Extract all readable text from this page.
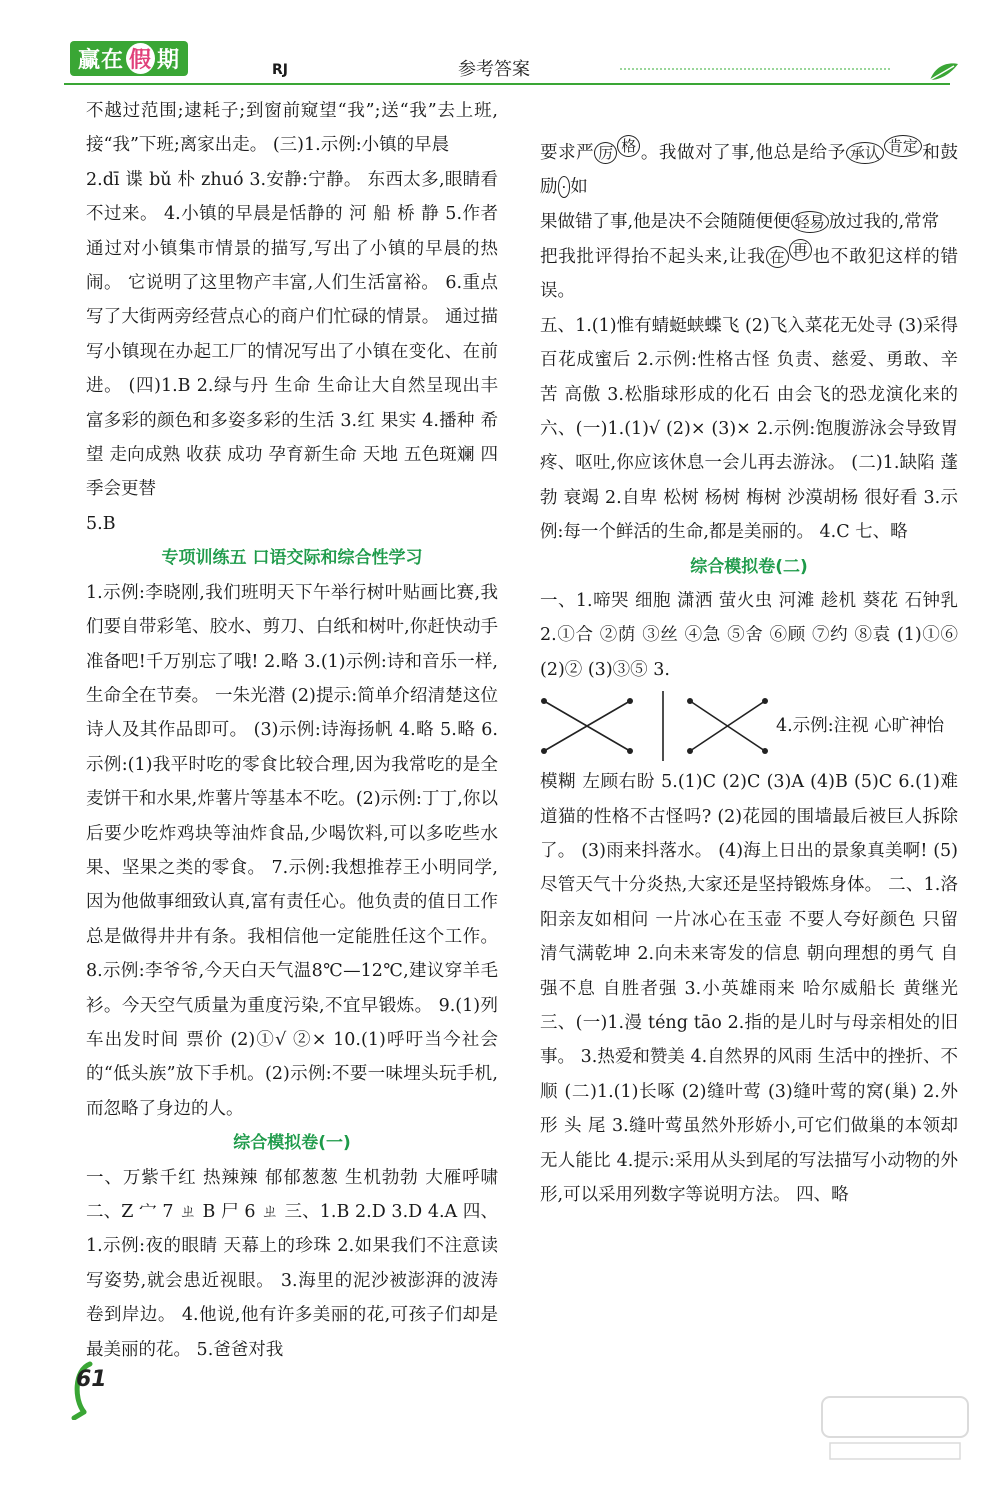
赢在 假 期	RJ	参考答案

不越过范围;逮耗子;到窗前窥望“我”;送“我”去上班,接“我”下班;离家出走。 (三)1.示例:小镇的早晨

2.dī 谍 bǔ 朴 zhuó 3.安静:宁静。 东西太多,眼睛看不过来。 4.小镇的早晨是恬静的 河 船 桥 静 5.作者通过对小镇集市情景的描写,写出了小镇的早晨的热闹。 它说明了这里物产丰富,人们生活富裕。 6.重点写了大街两旁经营点心的商户们忙碌的情景。 通过描写小镇现在办起工厂的情况写出了小镇在变化、在前进。 (四)1.B 2.绿与丹 生命 生命让大自然呈现出丰富多彩的颜色和多姿多彩的生活 3.红 果实 4.播种 希望 走向成熟 收获 成功 孕育新生命 天地 五色斑斓 四季会更替

5.B

专项训练五 口语交际和综合性学习

1.示例:李晓刚,我们班明天下午举行树叶贴画比赛,我们要自带彩笔、胶水、剪刀、白纸和树叶,你赶快动手准备吧!千万别忘了哦! 2.略 3.(1)示例:诗和音乐一样,生命全在节奏。 一朱光潜 (2)提示:简单介绍清楚这位诗人及其作品即可。 (3)示例:诗海扬帆 4.略 5.略 6.示例:(1)我平时吃的零食比较合理,因为我常吃的是全麦饼干和水果,炸薯片等基本不吃。(2)示例:丁丁,你以后要少吃炸鸡块等油炸食品,少喝饮料,可以多吃些水果、坚果之类的零食。 7.示例:我想推荐王小明同学,因为他做事细致认真,富有责任心。他负责的值日工作总是做得井井有条。我相信他一定能胜任这个工作。 8.示例:李爷爷,今天白天气温8℃—12℃,建议穿羊毛衫。今天空气质量为重度污染,不宜早锻炼。 9.(1)列车出发时间 票价 (2)①√ ②× 10.(1)呼吁当今社会的“低头族”放下手机。(2)示例:不要一味埋头玩手机,而忽略了身边的人。

综合模拟卷(一)

一、万紫千红 热辣辣 郁郁葱葱 生机勃勃 大雁呼啸 二、Z 宀 7 ㄓ B 尸 6 ㄓ 三、1.B 2.D 3.D 4.A 四、1.示例:夜的眼睛 天幕上的珍珠 2.如果我们不注意读写姿势,就会患近视眼。 3.海里的泥沙被澎湃的波涛卷到岸边。 4.他说,他有许多美丽的花,可孩子们却是最美丽的花。 5.爸爸对我

要求严 厉 $^格$ 。我做对了事,他总是给予 承认 $^{肯定}$ 和鼓励 · 如

果做错了事,他是决不会随随便便 轻易 放过我的,常常

把我批评得抬不起头来,让我 在 $^再$ 也不敢犯这样的错误。

五、1.(1)惟有蜻蜓蛱蝶飞 (2)飞入菜花无处寻 (3)采得百花成蜜后 2.示例:性格古怪 负责、慈爱、勇敢、辛苦 高傲 3.松脂球形成的化石 由会飞的恐龙演化来的 六、(一)1.(1)√ (2)× (3)× 2.示例:饱腹游泳会导致胃疼、呕吐,你应该休息一会儿再去游泳。 (二)1.缺陷 蓬勃 衰竭 2.自卑 松树 杨树 梅树 沙漠胡杨 很好看 3.示例:每一个鲜活的生命,都是美丽的。 4.C 七、略

综合模拟卷(二)

一、1.啼哭 细胞 潇洒 萤火虫 河滩 趁机 葵花 石钟乳 2.①合 ②荫 ③丝 ④急 ⑤舍 ⑥顾 ⑦约 ⑧袁 (1)①⑥ (2)② (3)③⑤ 3.

4.示例:注视 心旷神怡

模糊 左顾右盼 5.(1)C (2)C (3)A (4)B (5)C 6.(1)难道猫的性格不古怪吗? (2)花园的围墙最后被巨人拆除了。 (3)雨来抖落水。 (4)海上日出的景象真美啊! (5)尽管天气十分炎热,大家还是坚持锻炼身体。 二、1.洛阳亲友如相问 一片冰心在玉壶 不要人夸好颜色 只留清气满乾坤 2.向未来寄发的信息 朝向理想的勇气 自强不息 自胜者强 3.小英雄雨来 哈尔威船长 黄继光 三、(一)1.漫 téng tāo 2.指的是儿时与母亲相处的旧事。 3.热爱和赞美 4.自然界的风雨 生活中的挫折、不顺 (二)1.(1)长啄 (2)缝叶莺 (3)缝叶莺的窝(巢) 2.外形 头 尾 3.缝叶莺虽然外形娇小,可它们做巢的本领却无人能比 4.提示:采用从头到尾的写法描写小动物的外形,可以采用列数字等说明方法。 四、略

61
